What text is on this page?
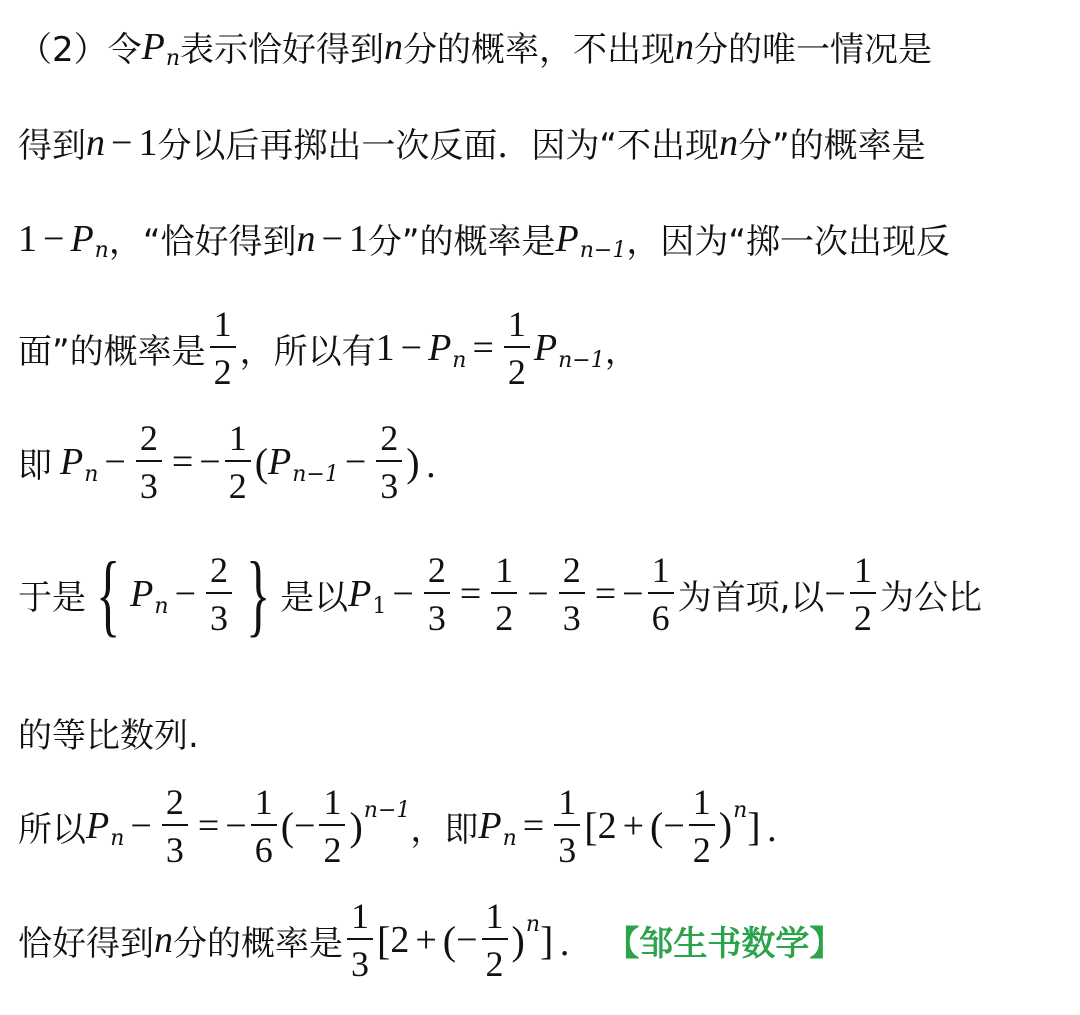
（2）令 P n 表示恰好得到 n 分的概率，不出现 n 分的唯一情况是
得到 n − 1 分以后再掷出一次反面．因为“不出现 n 分”的概率是
1 − P n ，“恰好得到 n − 1 分”的概率是 P n−1 ，因为“掷一次出现反
面”的概率是 $\frac{1}{2}$ ，所以有 1 − P $n = \frac{1}{2}$ P n−1 ，
即 P $n - \frac{2}{3}$ = − $\frac{1}{2}$ ( P $n-1 - \frac{2}{3}$ ) ．
于是 { P $n - \frac{2}{3}$ } 是以 P $1 - \frac{2}{3} = \frac{1}{2} - \frac{2}{3}$ = − $\frac{1}{6}$ 为首项,以 − $\frac{1}{2}$ 为公比
的等比数列.
所以 P $n - \frac{2}{3}$ = − $\frac{1}{6}$ ( − $\frac{1}{2}$ ) n−1 ，即 P $n = \frac{1}{3}$ [ 2 + ( − $\frac{1}{2}$ ) n ] ．
恰好得到 n 分的概率是 $\frac{1}{3}$ [ 2 + ( − $\frac{1}{2}$ ) n ] ． 【邹生书数学】
